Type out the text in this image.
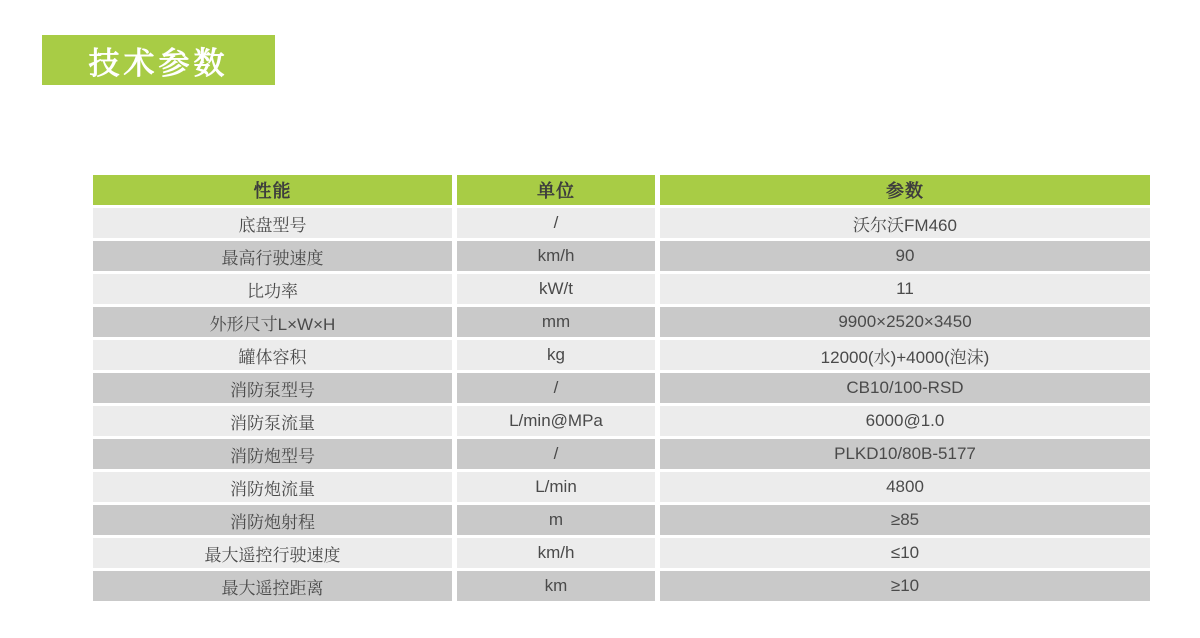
技术参数
性能	单位	参数
底盘型号	/	沃尔沃FM460
最高行驶速度	km/h	90
比功率	kW/t	11
外形尺寸L×W×H	mm	9900×2520×3450
罐体容积	kg	12000(水)+4000(泡沫)
消防泵型号	/	CB10/100-RSD
消防泵流量	L/min@MPa	6000@1.0
消防炮型号	/	PLKD10/80B-5177
消防炮流量	L/min	4800
消防炮射程	m	≥85
最大遥控行驶速度	km/h	≤10
最大遥控距离	km	≥10
